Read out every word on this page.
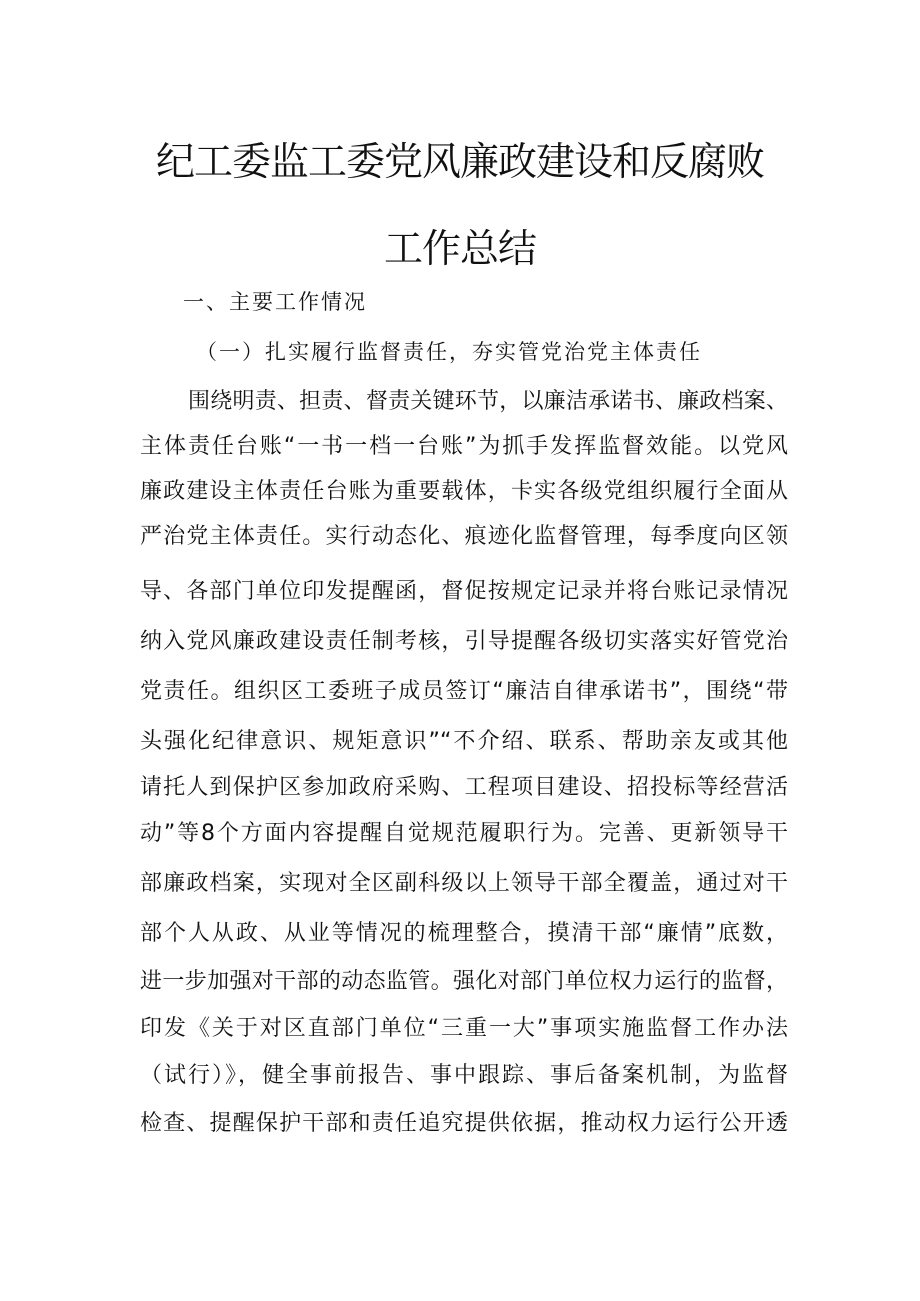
纪工委监工委党风廉政建设和反腐败
工作总结
一、主要工作情况
（一）扎实履行监督责任，夯实管党治党主体责任
围绕明责、担责、督责关键环节，以廉洁承诺书、廉政档案、
主体责任台账“一书一档一台账”为抓手发挥监督效能。以党风
廉政建设主体责任台账为重要载体，卡实各级党组织履行全面从
严治党主体责任。实行动态化、痕迹化监督管理，每季度向区领
导、各部门单位印发提醒函，督促按规定记录并将台账记录情况
纳入党风廉政建设责任制考核，引导提醒各级切实落实好管党治
党责任。组织区工委班子成员签订“廉洁自律承诺书”，围绕“带
头强化纪律意识、规矩意识”“不介绍、联系、帮助亲友或其他
请托人到保护区参加政府采购、工程项目建设、招投标等经营活
动”等8个方面内容提醒自觉规范履职行为。完善、更新领导干
部廉政档案，实现对全区副科级以上领导干部全覆盖，通过对干
部个人从政、从业等情况的梳理整合，摸清干部“廉情”底数，
进一步加强对干部的动态监管。强化对部门单位权力运行的监督，
印发《关于对区直部门单位“三重一大”事项实施监督工作办法
（试行）》，健全事前报告、事中跟踪、事后备案机制，为监督
检查、提醒保护干部和责任追究提供依据，推动权力运行公开透
